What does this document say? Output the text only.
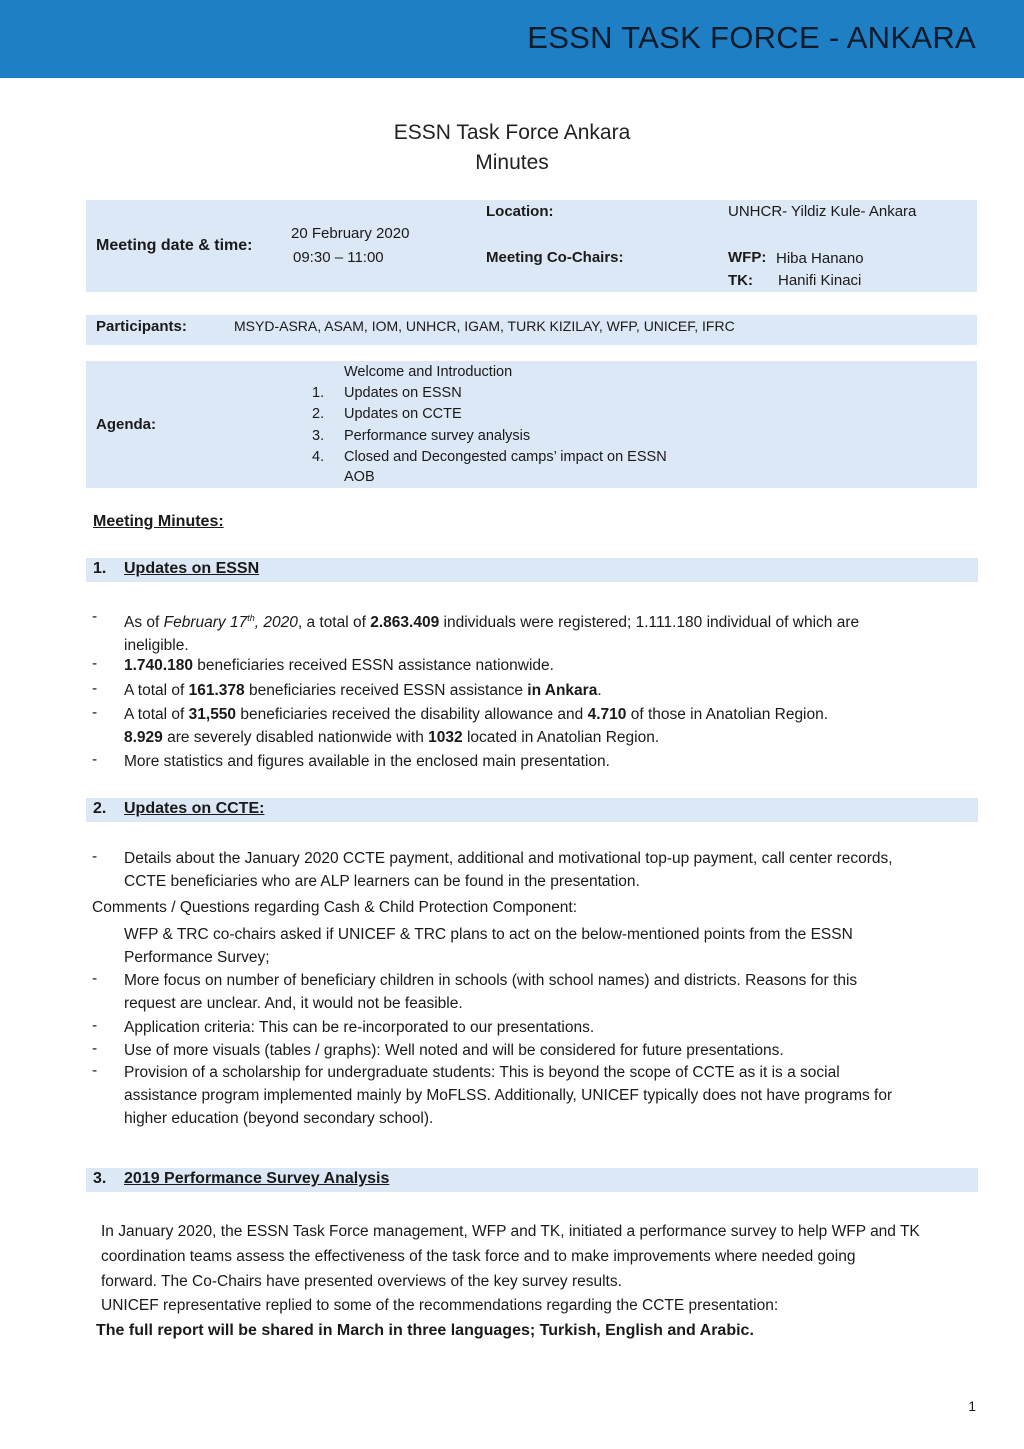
ESSN TASK FORCE - ANKARA
ESSN Task Force Ankara
Minutes
Meeting date & time:
20 February 2020
09:30 – 11:00
Location:	UNHCR- Yildiz Kule- Ankara
Meeting Co-Chairs:	WFP: Hiba Hanano
TK: Hanifi Kinaci
Participants:	MSYD-ASRA, ASAM, IOM, UNHCR, IGAM, TURK KIZILAY, WFP, UNICEF, IFRC
Agenda:
Welcome and Introduction
1. Updates on ESSN
2. Updates on CCTE
3. Performance survey analysis
4. Closed and Decongested camps’ impact on ESSN
AOB
Meeting Minutes:
1. Updates on ESSN
- As of February 17th, 2020, a total of 2.863.409 individuals were registered; 1.111.180 individual of which are
ineligible.
- 1.740.180 beneficiaries received ESSN assistance nationwide.
- A total of 161.378 beneficiaries received ESSN assistance in Ankara.
- A total of 31,550 beneficiaries received the disability allowance and 4.710 of those in Anatolian Region.
8.929 are severely disabled nationwide with 1032 located in Anatolian Region.
- More statistics and figures available in the enclosed main presentation.
2. Updates on CCTE:
- Details about the January 2020 CCTE payment, additional and motivational top-up payment, call center records,
CCTE beneficiaries who are ALP learners can be found in the presentation.
Comments / Questions regarding Cash & Child Protection Component:
WFP & TRC co-chairs asked if UNICEF & TRC plans to act on the below-mentioned points from the ESSN
Performance Survey;
- More focus on number of beneficiary children in schools (with school names) and districts. Reasons for this
request are unclear. And, it would not be feasible.
- Application criteria: This can be re-incorporated to our presentations.
- Use of more visuals (tables / graphs): Well noted and will be considered for future presentations.
- Provision of a scholarship for undergraduate students: This is beyond the scope of CCTE as it is a social
assistance program implemented mainly by MoFLSS. Additionally, UNICEF typically does not have programs for
higher education (beyond secondary school).
3. 2019 Performance Survey Analysis
In January 2020, the ESSN Task Force management, WFP and TK, initiated a performance survey to help WFP and TK
coordination teams assess the effectiveness of the task force and to make improvements where needed going
forward. The Co-Chairs have presented overviews of the key survey results.
UNICEF representative replied to some of the recommendations regarding the CCTE presentation:
The full report will be shared in March in three languages; Turkish, English and Arabic.
1
